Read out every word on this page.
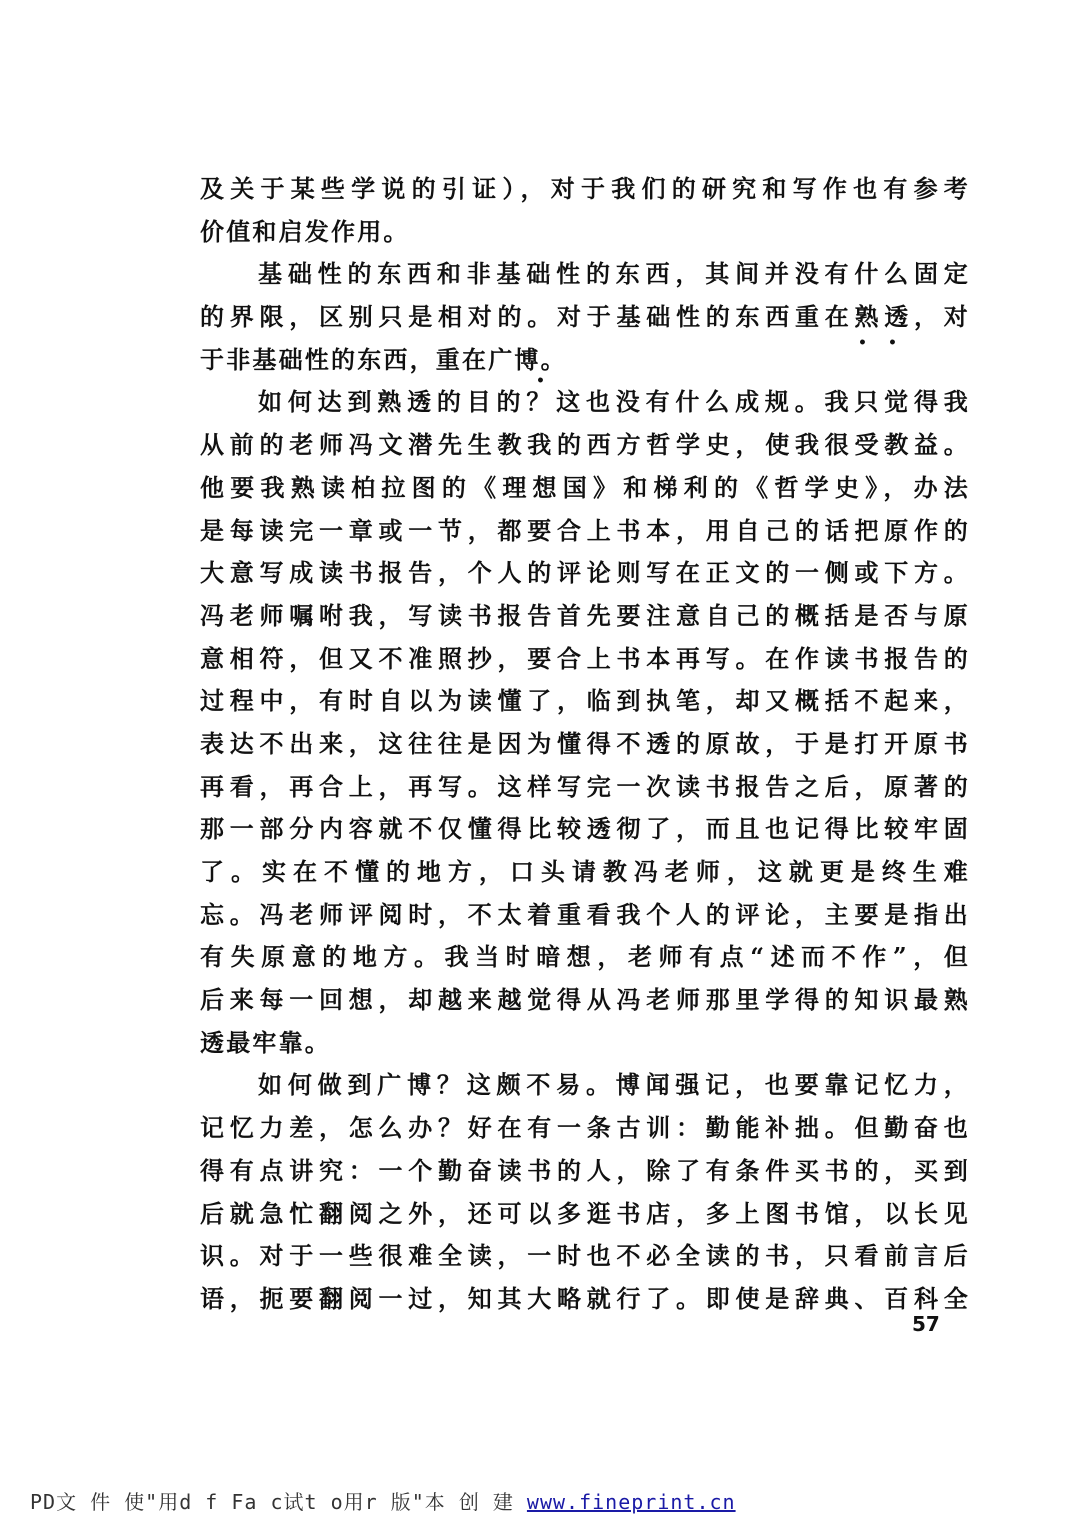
及关于某些学说的引证），对于我们的研究和写作也有参考
价值和启发作用。
基础性的东西和非基础性的东西，其间并没有什么固定
的界限，区别只是相对的。对于基础性的东西重在熟透，对
于非基础性的东西，重在广博。
如何达到熟透的目的？这也没有什么成规。我只觉得我
从前的老师冯文潜先生教我的西方哲学史，使我很受教益。
他要我熟读柏拉图的《理想国》和梯利的《哲学史》，办法
是每读完一章或一节，都要合上书本，用自己的话把原作的
大意写成读书报告，个人的评论则写在正文的一侧或下方。
冯老师嘱咐我，写读书报告首先要注意自己的概括是否与原
意相符，但又不准照抄，要合上书本再写。在作读书报告的
过程中，有时自以为读懂了，临到执笔，却又概括不起来，
表达不出来，这往往是因为懂得不透的原故，于是打开原书
再看，再合上，再写。这样写完一次读书报告之后，原著的
那一部分内容就不仅懂得比较透彻了，而且也记得比较牢固
了。实在不懂的地方，口头请教冯老师，这就更是终生难
忘。冯老师评阅时，不太着重看我个人的评论，主要是指出
有失原意的地方。我当时暗想，老师有点“述而不作”，但
后来每一回想，却越来越觉得从冯老师那里学得的知识最熟
透最牢靠。
如何做到广博？这颇不易。博闻强记，也要靠记忆力，
记忆力差，怎么办？好在有一条古训：勤能补拙。但勤奋也
得有点讲究：一个勤奋读书的人，除了有条件买书的，买到
后就急忙翻阅之外，还可以多逛书店，多上图书馆，以长见
识。对于一些很难全读，一时也不必全读的书，只看前言后
语，扼要翻阅一过，知其大略就行了。即使是辞典、百科全
• •
•
57
PD文 件 使"用d f Fa c试t o用r 版"本 创 建 www.fineprint.cn
